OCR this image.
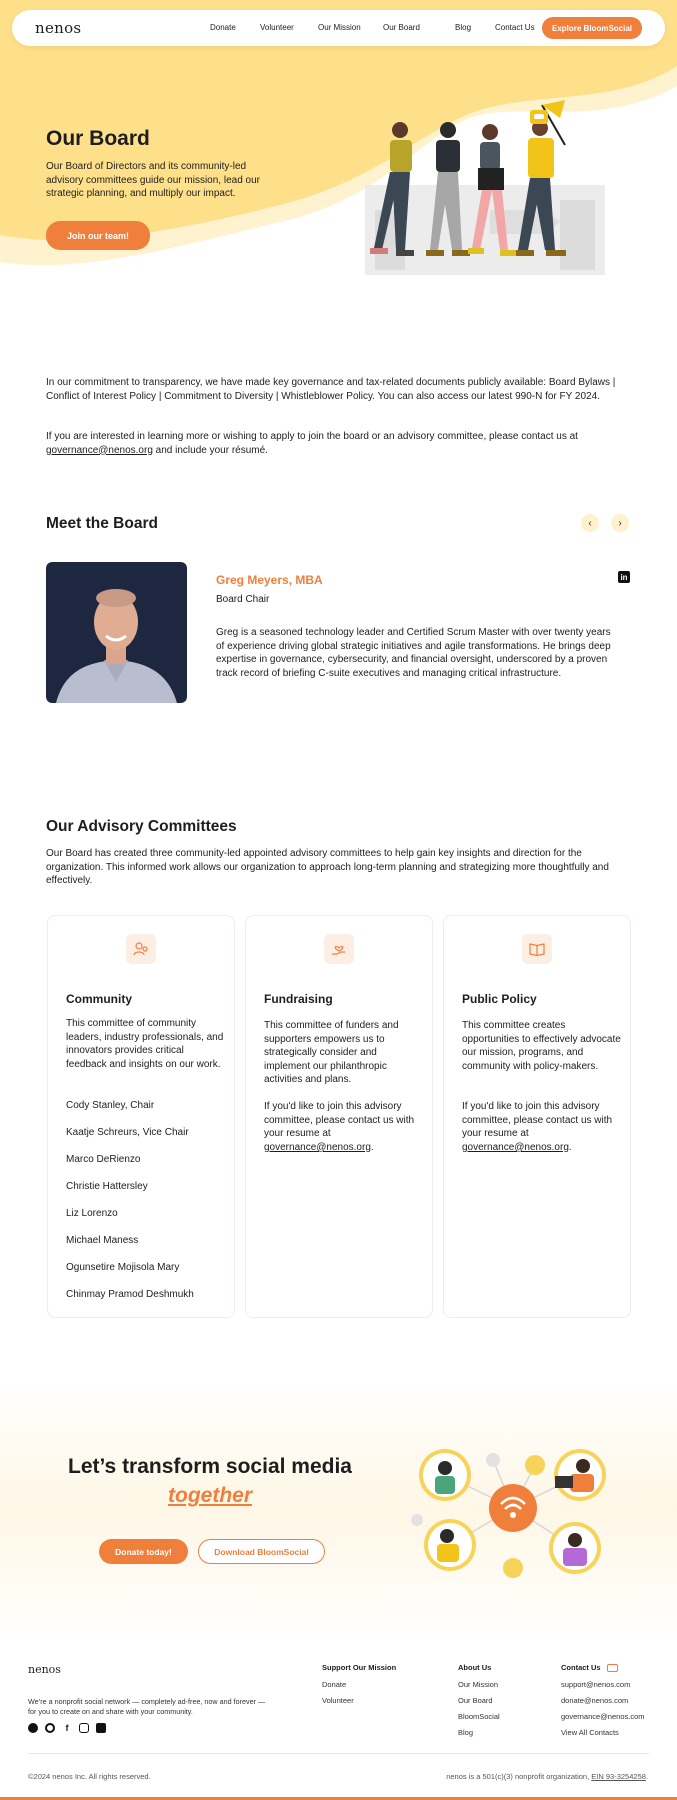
nenos	Donate	Volunteer	Our Mission	Our Board	Blog	Contact Us	Explore BloomSocial
Our Board

Our Board of Directors and its community-led advisory committees guide our mission, lead our strategic planning, and multiply our impact.

Join our team!

In our commitment to transparency, we have made key governance and tax-related documents publicly available: Board Bylaws | Conflict of Interest Policy | Commitment to Diversity | Whistleblower Policy. You can also access our latest 990-N for FY 2024.

If you are interested in learning more or wishing to apply to join the board or an advisory committee, please contact us at governance@nenos.org and include your résumé.

Meet the Board	‹	›
Greg Meyers, MBA
Board Chair
in

Greg is a seasoned technology leader and Certified Scrum Master with over twenty years of experience driving global strategic initiatives and agile transformations. He brings deep expertise in governance, cybersecurity, and financial oversight, underscored by a proven track record of briefing C-suite executives and managing critical infrastructure.

Our Advisory Committees

Our Board has created three community-led appointed advisory committees to help gain key insights and direction for the organization. This informed work allows our organization to approach long-term planning and strategizing more thoughtfully and effectively.

Community

This committee of community leaders, industry professionals, and innovators provides critical feedback and insights on our work.

Cody Stanley, Chair
Kaatje Schreurs, Vice Chair
Marco DeRienzo
Christie Hattersley
Liz Lorenzo
Michael Maness
Ogunsetire Mojisola Mary
Chinmay Pramod Deshmukh
Fundraising

This committee of funders and supporters empowers us to strategically consider and implement our philanthropic activities and plans.

If you'd like to join this advisory committee, please contact us with your resume at governance@nenos.org.

Public Policy

This committee creates opportunities to effectively advocate our mission, programs, and community with policy-makers.

If you'd like to join this advisory committee, please contact us with your resume at governance@nenos.org.

Let’s transform social media
together
Donate today!	Download BloomSocial
nenos

We’re a nonprofit social network — completely ad-free, now and forever — for you to create on and share with your community.

f
Support Our Mission
Donate
Volunteer
About Us
Our Mission
Our Board
BloomSocial
Blog
Contact Us
support@nenos.com
donate@nenos.com
governance@nenos.com
View All Contacts
©2024 nenos Inc. All rights reserved.	nenos is a 501(c)(3) nonprofit organization, EIN 93-3254258.
